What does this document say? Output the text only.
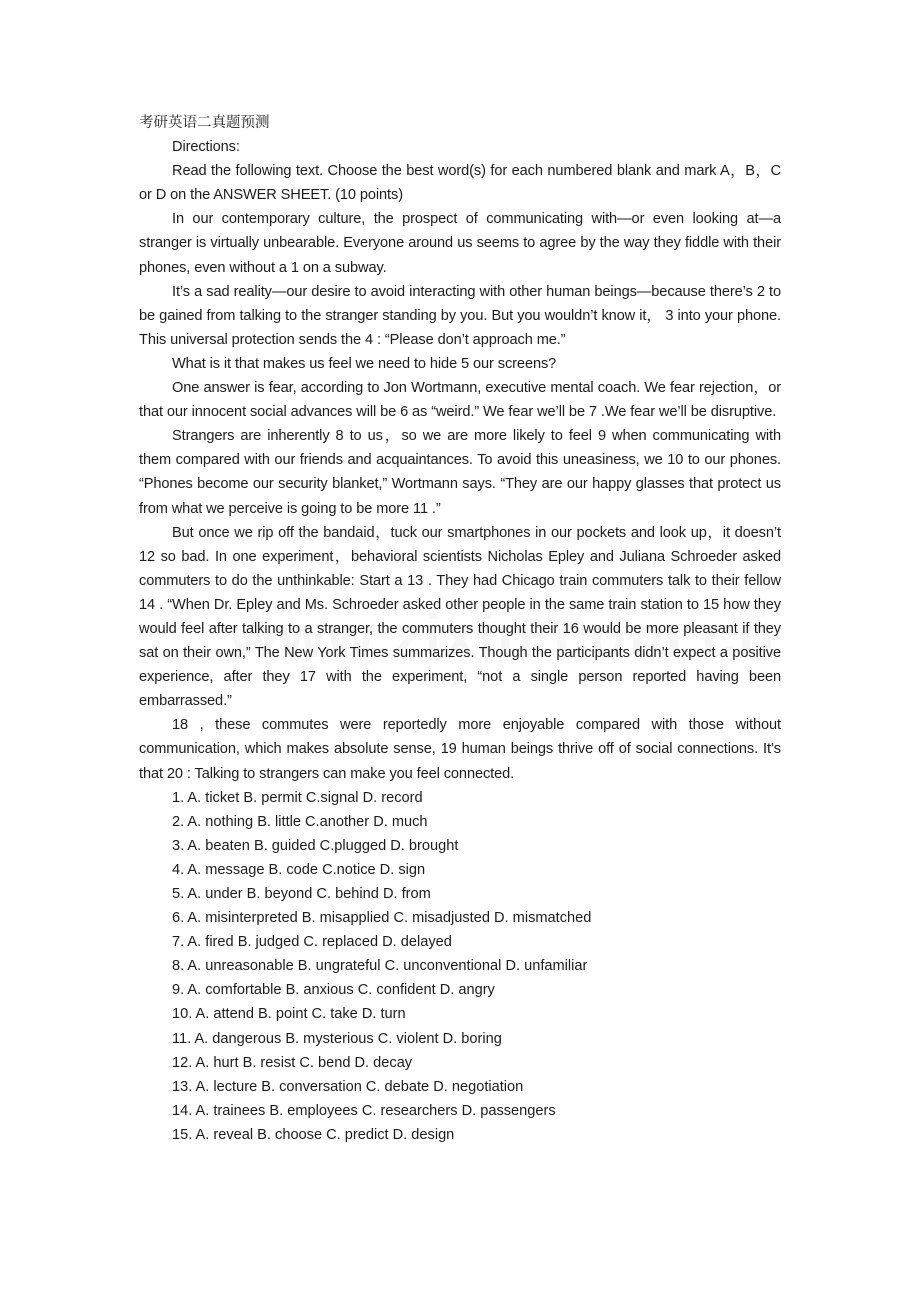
考研英语二真题预测

Directions:

Read the following text. Choose the best word(s) for each numbered blank and mark A，B，C or D on the ANSWER SHEET. (10 points)

In our contemporary culture, the prospect of communicating with—or even looking at—a stranger is virtually unbearable. Everyone around us seems to agree by the way they fiddle with their phones, even without a 1 on a subway.

It’s a sad reality—our desire to avoid interacting with other human beings—because there’s 2 to be gained from talking to the stranger standing by you. But you wouldn’t know it， 3 into your phone. This universal protection sends the 4 : “Please don’t approach me.”

What is it that makes us feel we need to hide 5 our screens?

One answer is fear, according to Jon Wortmann, executive mental coach. We fear rejection，or that our innocent social advances will be 6 as “weird.” We fear we’ll be 7 .We fear we’ll be disruptive.

Strangers are inherently 8 to us，so we are more likely to feel 9 when communicating with them compared with our friends and acquaintances. To avoid this uneasiness, we 10 to our phones. “Phones become our security blanket,” Wortmann says. “They are our happy glasses that protect us from what we perceive is going to be more 11 .”

But once we rip off the bandaid，tuck our smartphones in our pockets and look up，it doesn’t 12 so bad. In one experiment，behavioral scientists Nicholas Epley and Juliana Schroeder asked commuters to do the unthinkable: Start a 13 . They had Chicago train commuters talk to their fellow 14 . “When Dr. Epley and Ms. Schroeder asked other people in the same train station to 15 how they would feel after talking to a stranger, the commuters thought their 16 would be more pleasant if they sat on their own,” The New York Times summarizes. Though the participants didn’t expect a positive experience, after they 17 with the experiment, “not a single person reported having been embarrassed.”

18 , these commutes were reportedly more enjoyable compared with those without communication, which makes absolute sense, 19 human beings thrive off of social connections. It’s that 20 : Talking to strangers can make you feel connected.

1. A. ticket B. permit C.signal D. record

2. A. nothing B. little C.another D. much

3. A. beaten B. guided C.plugged D. brought

4. A. message B. code C.notice D. sign

5. A. under B. beyond C. behind D. from

6. A. misinterpreted B. misapplied C. misadjusted D. mismatched

7. A. fired B. judged C. replaced D. delayed

8. A. unreasonable B. ungrateful C. unconventional D. unfamiliar

9. A. comfortable B. anxious C. confident D. angry

10. A. attend B. point C. take D. turn

11. A. dangerous B. mysterious C. violent D. boring

12. A. hurt B. resist C. bend D. decay

13. A. lecture B. conversation C. debate D. negotiation

14. A. trainees B. employees C. researchers D. passengers

15. A. reveal B. choose C. predict D. design
